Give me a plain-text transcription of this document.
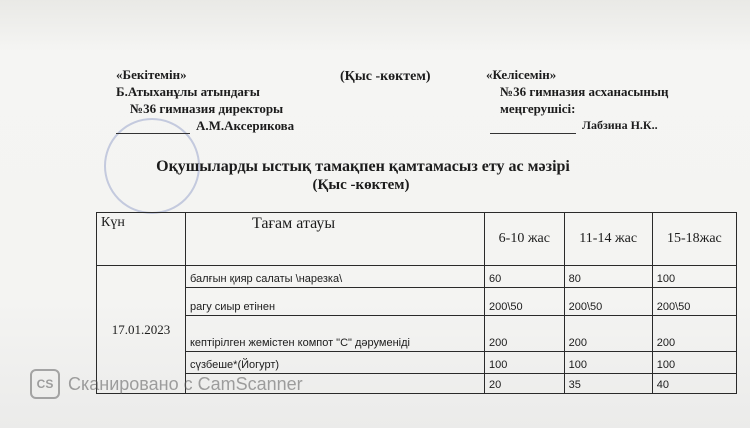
«Бекітемін»
Б.Атыханұлы атындағы
№36 гимназия директоры
А.М.Аксерикова
(Қыс -көктем)	«Келісемін»
№36 гимназия асханасының
меңгерушісі:
Лабзина Н.К..
Оқушыларды ыстық тамақпен қамтамасыз ету ас мәзірі
(Қыс -көктем)
Күн	Тағам атауы	6-10 жас	11-14 жас	15-18жас
17.01.2023	балғын қияр салаты \нарезка\	60	80	100
	рагу сиыр етінен	200\50	200\50	200\50
	кептірілген жемістен компот "С" дәруменіді	200	200	200
	сүзбеше*(Йогурт)	100	100	100
		20	35	40
CS Сканировано с CamScanner
